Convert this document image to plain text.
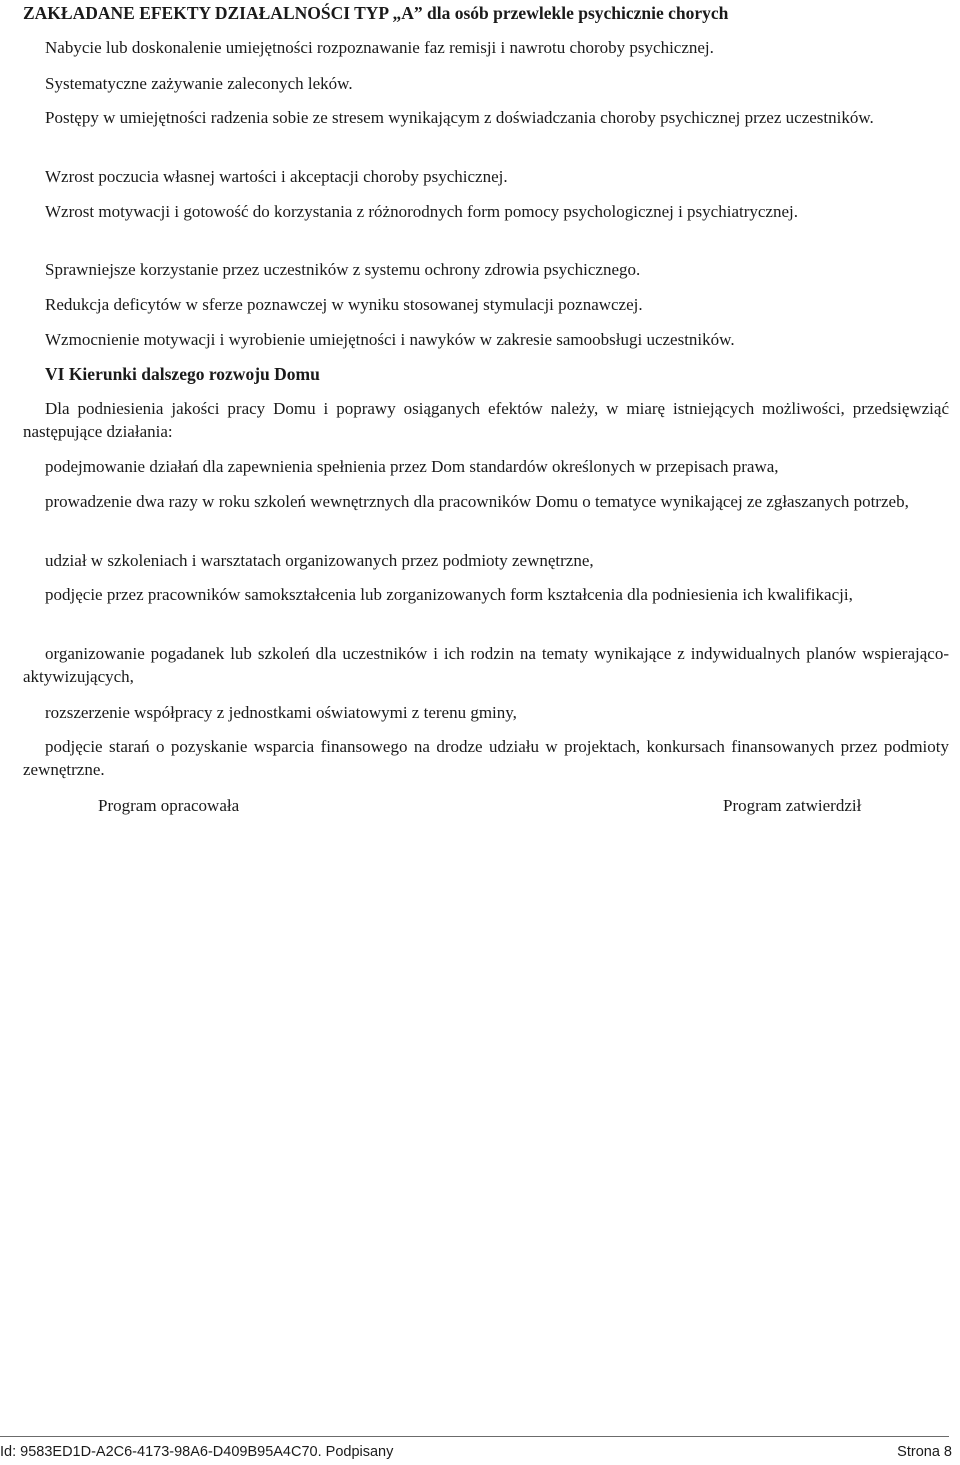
ZAKŁADANE EFEKTY DZIAŁALNOŚCI TYP „A” dla osób przewlekle psychicznie chorych
Nabycie lub doskonalenie umiejętności rozpoznawanie faz remisji i nawrotu choroby psychicznej.
Systematyczne zażywanie zaleconych leków.
Postępy w umiejętności radzenia sobie ze stresem wynikającym z doświadczania choroby psychicznej przez uczestników.
Wzrost poczucia własnej wartości i akceptacji choroby psychicznej.
Wzrost motywacji i gotowość do korzystania z różnorodnych form pomocy psychologicznej i psychiatrycznej.
Sprawniejsze korzystanie przez uczestników z systemu ochrony zdrowia psychicznego.
Redukcja deficytów w sferze poznawczej w wyniku stosowanej stymulacji poznawczej.
Wzmocnienie motywacji i wyrobienie umiejętności i nawyków w zakresie samoobsługi uczestników.
VI Kierunki dalszego rozwoju Domu
Dla podniesienia jakości pracy Domu i poprawy osiąganych efektów należy, w miarę istniejących możliwości, przedsięwziąć następujące działania:
podejmowanie działań dla zapewnienia spełnienia przez Dom standardów określonych w przepisach prawa,
prowadzenie dwa razy w roku szkoleń wewnętrznych dla pracowników Domu o tematyce wynikającej ze zgłaszanych potrzeb,
udział w szkoleniach i warsztatach organizowanych przez podmioty zewnętrzne,
podjęcie przez pracowników samokształcenia lub zorganizowanych form kształcenia dla podniesienia ich kwalifikacji,
organizowanie pogadanek lub szkoleń dla uczestników i ich rodzin na tematy wynikające z indywidualnych planów wspierająco-aktywizujących,
rozszerzenie współpracy z jednostkami oświatowymi z terenu gminy,
podjęcie starań o pozyskanie wsparcia finansowego na drodze udziału w projektach, konkursach finansowanych przez podmioty zewnętrzne.
Program opracowała	Program zatwierdził
Id: 9583ED1D-A2C6-4173-98A6-D409B95A4C70. Podpisany	Strona 8
